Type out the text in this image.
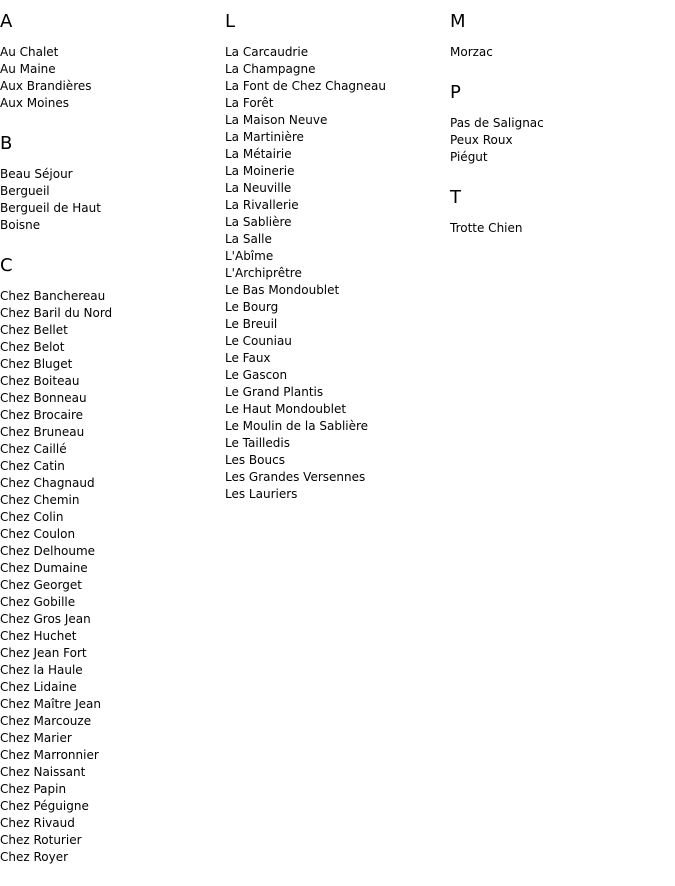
A
Au Chalet
Au Maine
Aux Brandières
Aux Moines
B
Beau Séjour
Bergueil
Bergueil de Haut
Boisne
C
Chez Banchereau
Chez Baril du Nord
Chez Bellet
Chez Belot
Chez Bluget
Chez Boiteau
Chez Bonneau
Chez Brocaire
Chez Bruneau
Chez Caillé
Chez Catin
Chez Chagnaud
Chez Chemin
Chez Colin
Chez Coulon
Chez Delhoume
Chez Dumaine
Chez Georget
Chez Gobille
Chez Gros Jean
Chez Huchet
Chez Jean Fort
Chez la Haule
Chez Lidaine
Chez Maître Jean
Chez Marcouze
Chez Marier
Chez Marronnier
Chez Naissant
Chez Papin
Chez Péguigne
Chez Rivaud
Chez Roturier
Chez Royer
L
La Carcaudrie
La Champagne
La Font de Chez Chagneau
La Forêt
La Maison Neuve
La Martinière
La Métairie
La Moinerie
La Neuville
La Rivallerie
La Sablière
La Salle
L'Abîme
L'Archiprêtre
Le Bas Mondoublet
Le Bourg
Le Breuil
Le Couniau
Le Faux
Le Gascon
Le Grand Plantis
Le Haut Mondoublet
Le Moulin de la Sablière
Le Tailledis
Les Boucs
Les Grandes Versennes
Les Lauriers
M
Morzac
P
Pas de Salignac
Peux Roux
Piégut
T
Trotte Chien
